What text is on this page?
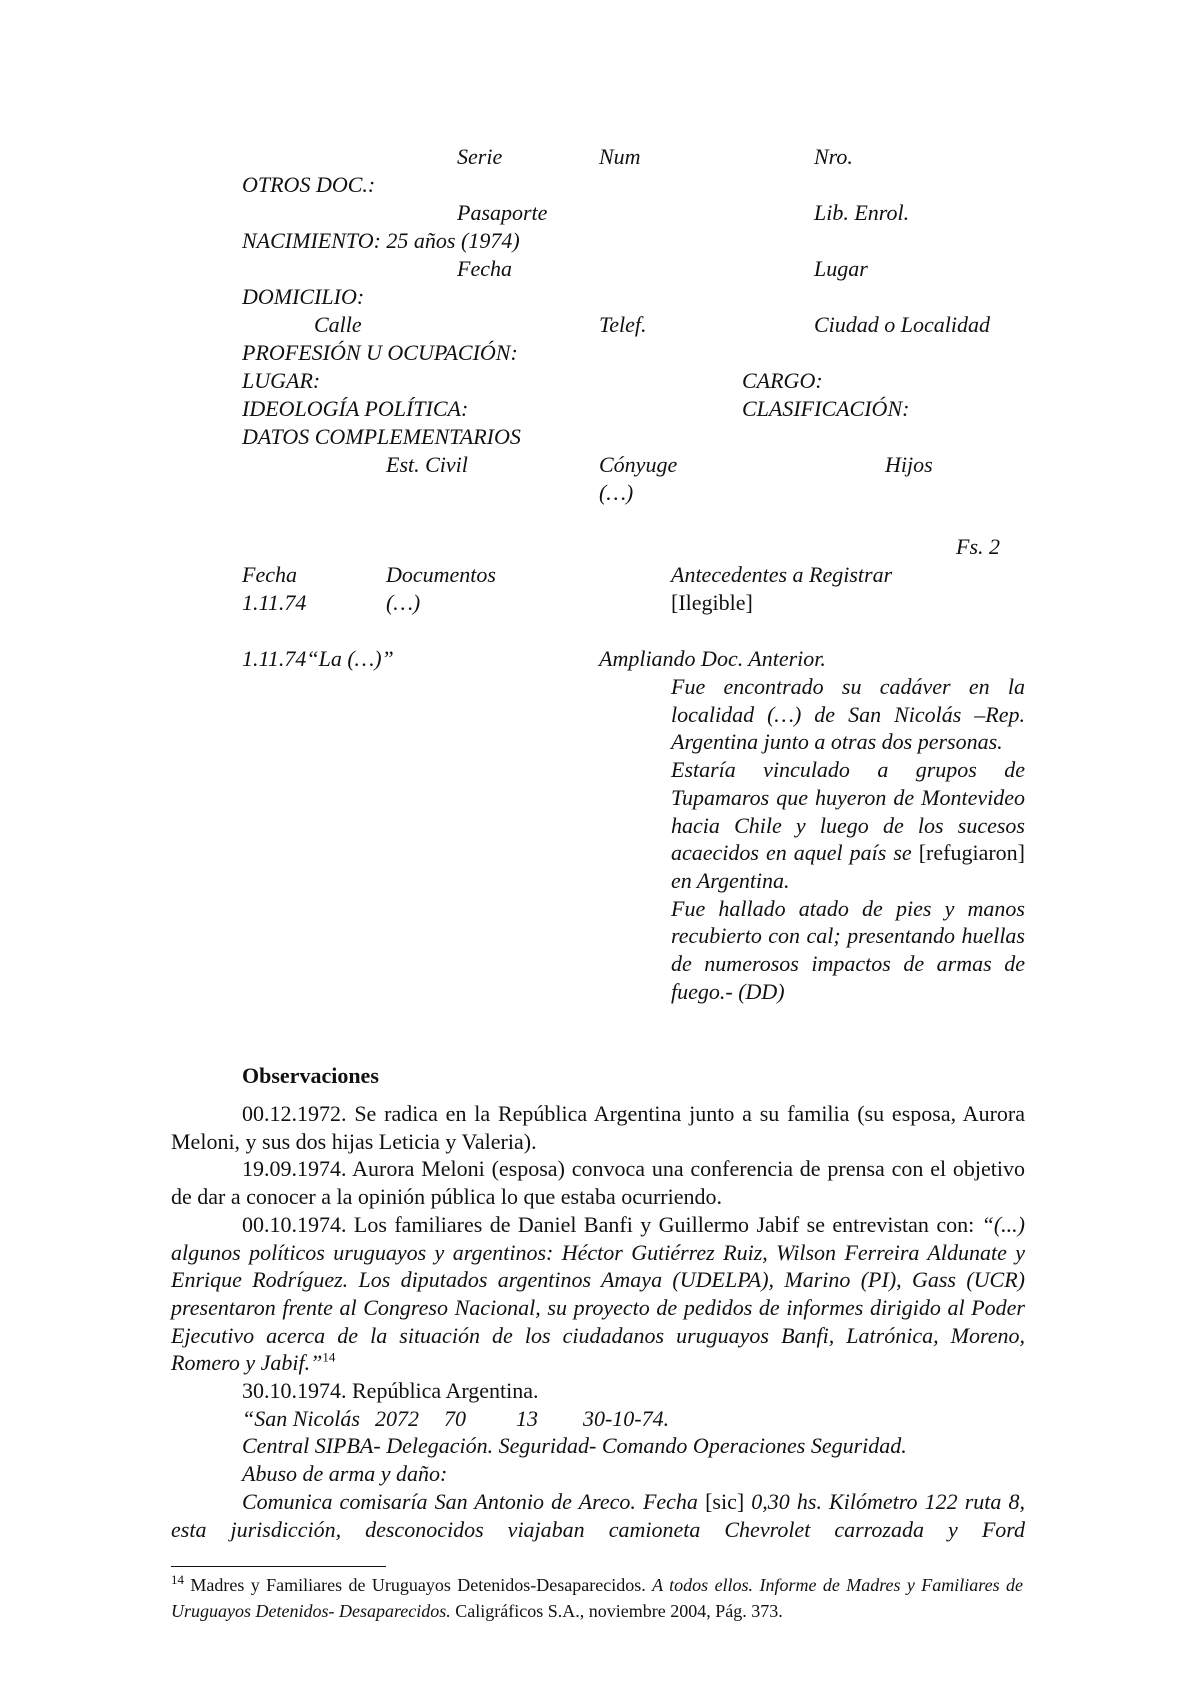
Serie	Num	Nro.
OTROS DOC.:
Pasaporte	Lib. Enrol.
NACIMIENTO: 25 años (1974)
Fecha	Lugar
DOMICILIO:
Calle	Telef.	Ciudad o Localidad
PROFESIÓN U OCUPACIÓN:
LUGAR:	CARGO:
IDEOLOGÍA POLÍTICA:	CLASIFICACIÓN:
DATOS COMPLEMENTARIOS
Est. Civil	Cónyuge	Hijos
(…)
Fs. 2
Fecha	Documentos	Antecedentes a Registrar
1.11.74	(…)	[Ilegible]
1.11.74“La (…)”	Ampliando Doc. Anterior.

Fue encontrado su cadáver en la localidad (…) de San Nicolás –Rep. Argentina junto a otras dos personas.

Estaría vinculado a grupos de Tupamaros que huyeron de Montevideo hacia Chile y luego de los sucesos acaecidos en aquel país se [refugiaron] en Argentina.

Fue hallado atado de pies y manos recubierto con cal; presentando huellas de numerosos impactos de armas de fuego.- (DD)

Observaciones

00.12.1972. Se radica en la República Argentina junto a su familia (su esposa, Aurora Meloni, y sus dos hijas Leticia y Valeria).

19.09.1974. Aurora Meloni (esposa) convoca una conferencia de prensa con el objetivo de dar a conocer a la opinión pública lo que estaba ocurriendo.

00.10.1974. Los familiares de Daniel Banfi y Guillermo Jabif se entrevistan con: “(...) algunos políticos uruguayos y argentinos: Héctor Gutiérrez Ruiz, Wilson Ferreira Aldunate y Enrique Rodríguez. Los diputados argentinos Amaya (UDELPA), Marino (PI), Gass (UCR) presentaron frente al Congreso Nacional, su proyecto de pedidos de informes dirigido al Poder Ejecutivo acerca de la situación de los ciudadanos uruguayos Banfi, Latrónica, Moreno, Romero y Jabif.”$^{14}$

30.10.1974. República Argentina.

“San Nicolás 2072 70 13 30-10-74.

Central SIPBA- Delegación. Seguridad- Comando Operaciones Seguridad.

Abuso de arma y daño:

Comunica comisaría San Antonio de Areco. Fecha [sic] 0,30 hs. Kilómetro 122 ruta 8, esta jurisdicción, desconocidos viajaban camioneta Chevrolet carrozada y Ford

$^{14}$ Madres y Familiares de Uruguayos Detenidos-Desaparecidos. A todos ellos. Informe de Madres y Familiares de Uruguayos Detenidos- Desaparecidos. Caligráficos S.A., noviembre 2004, Pág. 373.
